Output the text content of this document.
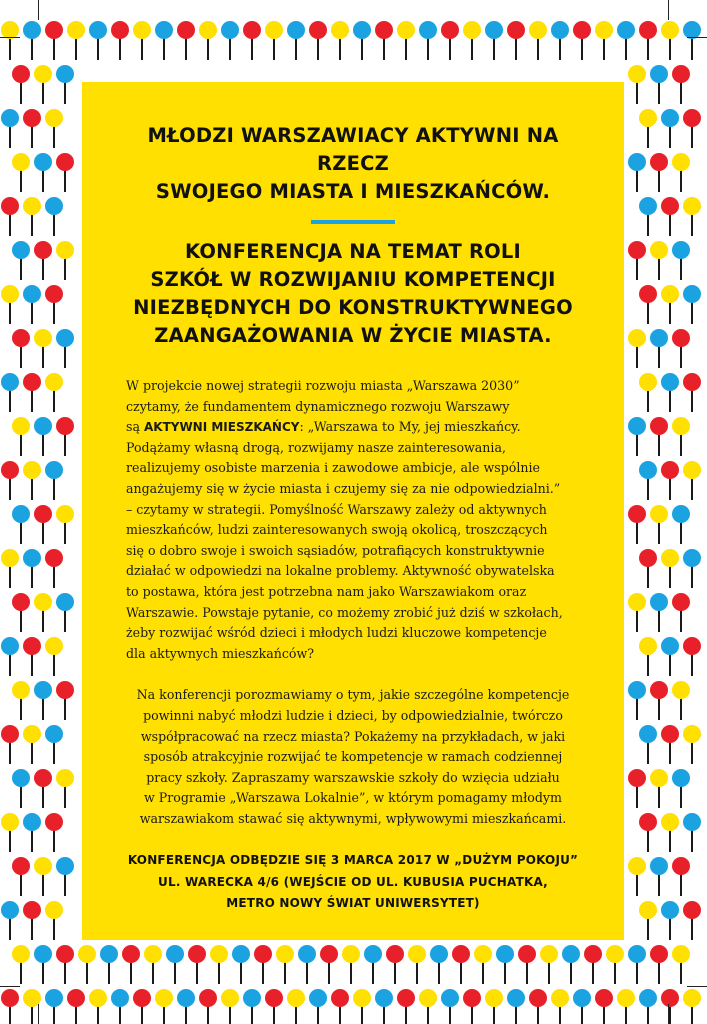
MŁODZI WARSZAWIACY AKTYWNI NA RZECZ
SWOJEGO MIASTA I MIESZKAŃCÓW.
KONFERENCJA NA TEMAT ROLI
SZKÓŁ W ROZWIJANIU KOMPETENCJI
NIEZBĘDNYCH DO KONSTRUKTYWNEGO
ZAANGAŻOWANIA W ŻYCIE MIASTA.

W projekcie nowej strategii rozwoju miasta „Warszawa 2030”
czytamy, że fundamentem dynamicznego rozwoju Warszawy
są AKTYWNI MIESZKAŃCY: „Warszawa to My, jej mieszkańcy.
Podążamy własną drogą, rozwijamy nasze zainteresowania,
realizujemy osobiste marzenia i zawodowe ambicje, ale wspólnie
angażujemy się w życie miasta i czujemy się za nie odpowiedzialni.”
– czytamy w strategii. Pomyślność Warszawy zależy od aktywnych
mieszkańców, ludzi zainteresowanych swoją okolicą, troszczących
się o dobro swoje i swoich sąsiadów, potrafiących konstruktywnie
działać w odpowiedzi na lokalne problemy. Aktywność obywatelska
to postawa, która jest potrzebna nam jako Warszawiakom oraz
Warszawie. Powstaje pytanie, co możemy zrobić już dziś w szkołach,
żeby rozwijać wśród dzieci i młodych ludzi kluczowe kompetencje
dla aktywnych mieszkańców?

Na konferencji porozmawiamy o tym, jakie szczególne kompetencje
powinni nabyć młodzi ludzie i dzieci, by odpowiedzialnie, twórczo
współpracować na rzecz miasta? Pokażemy na przykładach, w jaki
sposób atrakcyjnie rozwijać te kompetencje w ramach codziennej
pracy szkoły. Zapraszamy warszawskie szkoły do wzięcia udziału
w Programie „Warszawa Lokalnie”, w którym pomagamy młodym
warszawiakom stawać się aktywnymi, wpływowymi mieszkańcami.

KONFERENCJA ODBĘDZIE SIĘ 3 MARCA 2017 W „DUŻYM POKOJU”
UL. WARECKA 4/6 (WEJŚCIE OD UL. KUBUSIA PUCHATKA,
METRO NOWY ŚWIAT UNIWERSYTET)
